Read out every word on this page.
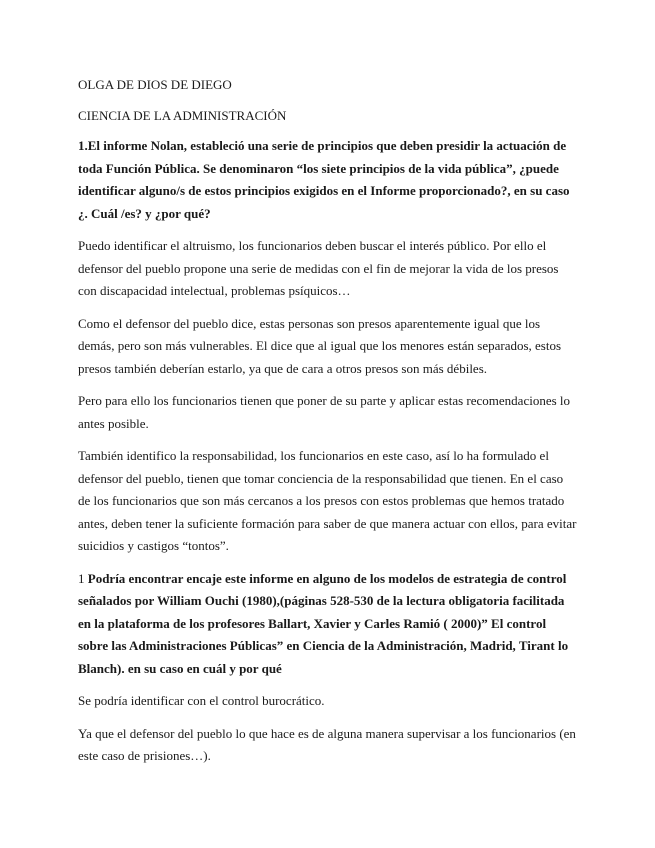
OLGA DE DIOS DE DIEGO

CIENCIA DE LA ADMINISTRACIÓN

1.El informe Nolan, estableció una serie de principios que deben presidir la actuación de toda Función Pública. Se denominaron “los siete principios de la vida pública”, ¿puede identificar alguno/s de estos principios exigidos en el Informe proporcionado?, en su caso ¿. Cuál /es? y ¿por qué?

Puedo identificar el altruismo, los funcionarios deben buscar el interés público. Por ello el defensor del pueblo propone una serie de medidas con el fin de mejorar la vida de los presos con discapacidad intelectual, problemas psíquicos…

Como el defensor del pueblo dice, estas personas son presos aparentemente igual que los demás, pero son más vulnerables. El dice que al igual que los menores están separados, estos presos también deberían estarlo, ya que de cara a otros presos son más débiles.

Pero para ello los funcionarios tienen que poner de su parte y aplicar estas recomendaciones lo antes posible.

También identifico la responsabilidad, los funcionarios en este caso, así lo ha formulado el defensor del pueblo, tienen que tomar conciencia de la responsabilidad que tienen. En el caso de los funcionarios que son más cercanos a los presos con estos problemas que hemos tratado antes, deben tener la suficiente formación para saber de que manera actuar con ellos, para evitar suicidios y castigos “tontos”.

1 Podría encontrar encaje este informe en alguno de los modelos de estrategia de control señalados por William Ouchi (1980),(páginas 528-530 de la lectura obligatoria facilitada en la plataforma de los profesores Ballart, Xavier y Carles Ramió ( 2000)” El control sobre las Administraciones Públicas” en Ciencia de la Administración, Madrid, Tirant lo Blanch). en su caso en cuál y por qué

Se podría identificar con el control burocrático.

Ya que el defensor del pueblo lo que hace es de alguna manera supervisar a los funcionarios (en este caso de prisiones…).
